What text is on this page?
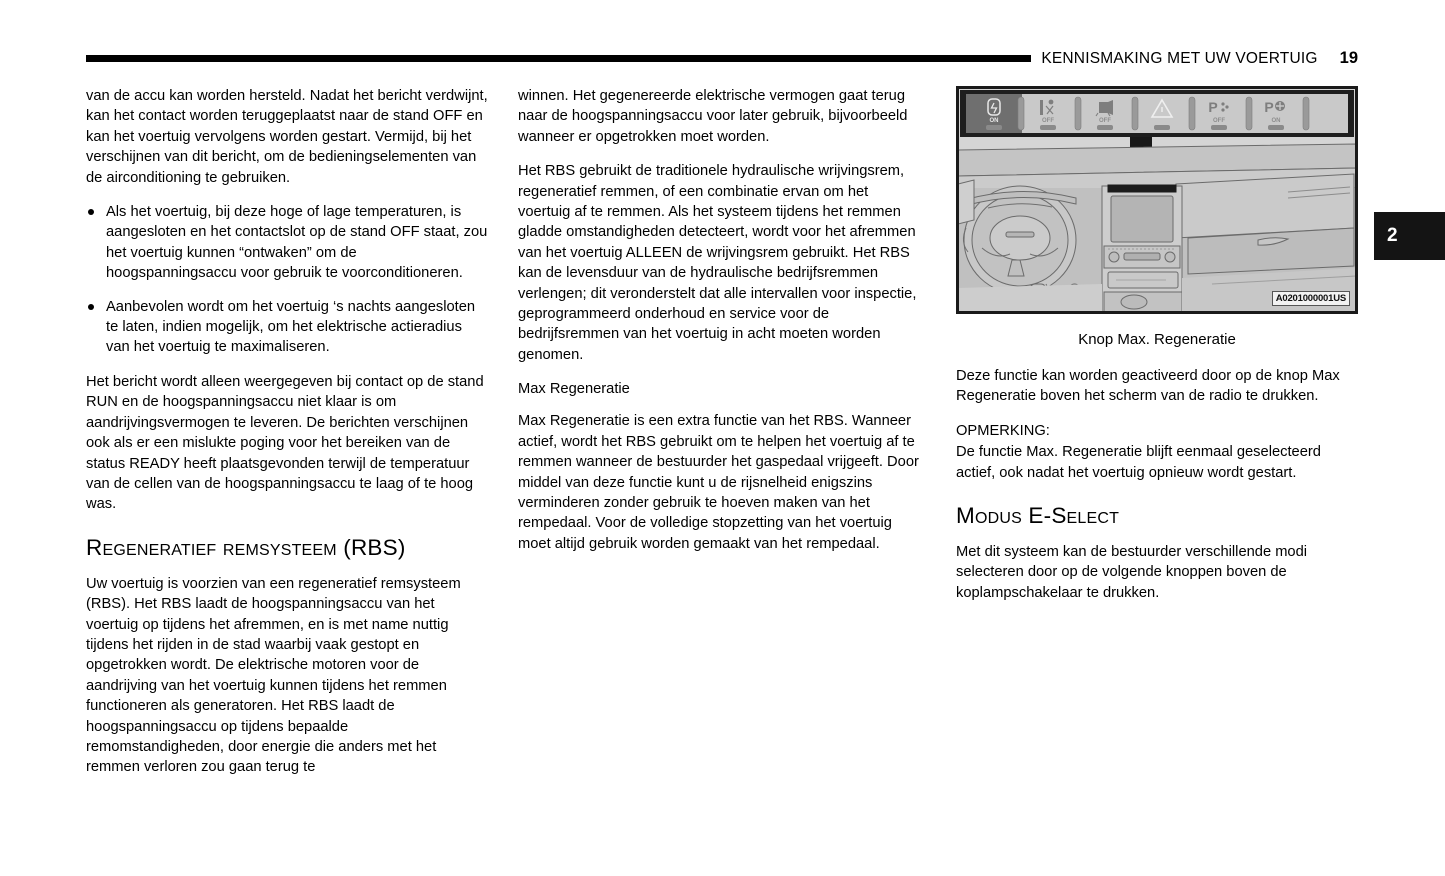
KENNISMAKING MET UW VOERTUIG 19
2

van de accu kan worden hersteld. Nadat het bericht verdwijnt, kan het contact worden teruggeplaatst naar de stand OFF en kan het voertuig vervolgens worden gestart. Vermijd, bij het verschijnen van dit bericht, om de bedieningselementen van de airconditioning te gebruiken.

Als het voertuig, bij deze hoge of lage temperaturen, is aangesloten en het contactslot op de stand OFF staat, zou het voertuig kunnen “ontwaken” om de hoogspanningsaccu voor gebruik te voorconditioneren.
Aanbevolen wordt om het voertuig ‘s nachts aangesloten te laten, indien mogelijk, om het elektrische actieradius van het voertuig te maximaliseren.

Het bericht wordt alleen weergegeven bij contact op de stand RUN en de hoogspanningsaccu niet klaar is om aandrijvingsvermogen te leveren. De berichten verschijnen ook als er een mislukte poging voor het bereiken van de status READY heeft plaatsgevonden terwijl de temperatuur van de cellen van de hoogspanningsaccu te laag of te hoog was.

Regeneratief remsysteem (RBS)

Uw voertuig is voorzien van een regeneratief remsysteem (RBS). Het RBS laadt de hoogspanningsaccu van het voertuig op tijdens het afremmen, en is met name nuttig tijdens het rijden in de stad waarbij vaak gestopt en opgetrokken wordt. De elektrische motoren voor de aandrijving van het voertuig kunnen tijdens het remmen functioneren als generatoren. Het RBS laadt de hoogspanningsaccu op tijdens bepaalde remomstandigheden, door energie die anders met het remmen verloren zou gaan terug te

winnen. Het gegenereerde elektrische vermogen gaat terug naar de hoogspanningsaccu voor later gebruik, bijvoorbeeld wanneer er opgetrokken moet worden.

Het RBS gebruikt de traditionele hydraulische wrijvingsrem, regeneratief remmen, of een combinatie ervan om het voertuig af te remmen. Als het systeem tijdens het remmen gladde omstandigheden detecteert, wordt voor het afremmen van het voertuig ALLEEN de wrijvingsrem gebruikt. Het RBS kan de levensduur van de hydraulische bedrijfsremmen verlengen; dit veronderstelt dat alle intervallen voor inspectie, geprogrammeerd onderhoud en service voor de bedrijfsremmen van het voertuig in acht moeten worden genomen.

Max Regeneratie

Max Regeneratie is een extra functie van het RBS. Wanneer actief, wordt het RBS gebruikt om te helpen het voertuig af te remmen wanneer de bestuurder het gaspedaal vrijgeeft. Door middel van deze functie kunt u de rijsnelheid enigszins verminderen zonder gebruik te hoeven maken van het rempedaal. Voor de volledige stopzetting van het voertuig moet altijd gebruik worden gemaakt van het rempedaal.

ON	OFF	OFF
P
OFF
P
ON
A0201000001US
Knop Max. Regeneratie

Deze functie kan worden geactiveerd door op de knop Max Regeneratie boven het scherm van de radio te drukken.

OPMERKING:

De functie Max. Regeneratie blijft eenmaal geselecteerd actief, ook nadat het voertuig opnieuw wordt gestart.

Modus E-Select

Met dit systeem kan de bestuurder verschillende modi selecteren door op de volgende knoppen boven de koplampschakelaar te drukken.
